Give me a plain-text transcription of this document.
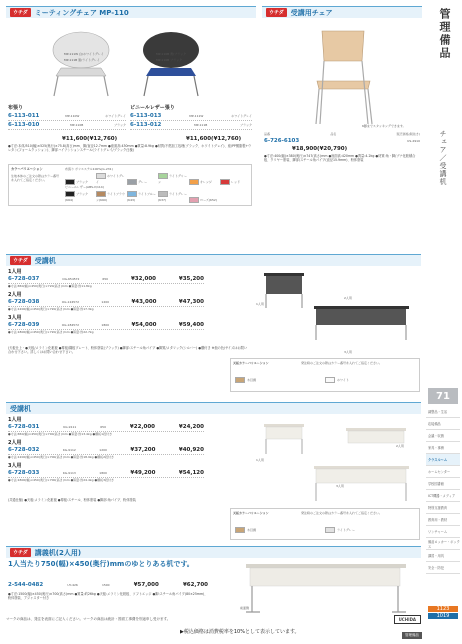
管理備品
チェア／受講机
71
調整品・生活
応接備品
会議・収納
家具・事務
クラスルーム
ホームセンター
学校図書館
ICT機器・メディア
特別支援教育
教育用・教材
ワンチャーム
備品ロッカー・ボックス
講習・用具
安全・防犯
1123
1019
ウチダ	ミーティングチェア MP-110
MP-111W 白/ホワイトグレイ
MP-111B 黒/ライトグレイ
MP-110B 青/ブラック
MP-110B ブラック
布張り	ビニールレザー張り
6-113-011	MP-110W	ホワイトグレイ
6-113-010	MP-110B	ブラック
6-113-013	MP-111W	ホワイトグレイ
6-113-012	MP-111B	ブラック
¥11,600(¥12,760)	¥11,600(¥12,760)
●寸法:本体/510(幅)×525(奥行)×75.8(高さ)mm、脚/直径12.7mm ●座面高:430mm ●質量:8.9kg ●材質/不燃加工処理(ブラック、ホワイトグレイ)、座/PP樹脂製+ウレタン(フォームクッション)、脚部ハイテンションスチール(ライトグレイ/ブラック仕様)
カラーバリエーション
生地本体のご注文の際はカラー番号を入れてご指定ください。
布張り ポリエステル100%(G-231)
ブラックホワイトグレイ	グレーライトグリーン	オレンジ	レッド
ビニールレザー(ABS-V/114)
ブラック(K64)ライトブラウン(K60)ライトブルー(K43)ライトグレー(K37)	ローズ(K52)
ウチダ	受講用チェア
6脚までスタッキングできます。
品番	品名	販売価格(税抜き)
6-726-6103	US-2910
¥18,900(¥20,790)
●寸法:400(幅)×380(奥行)×747(高さ)mm ●座面高:420mm ●質量:4.2kg ●材質:角・脚/ブナ化粧積合板、クリヤー塗装、脚部/スチール角パイプ(直径15.9mm)、粉体塗装
ウチダ	受講机
1人用
6-728-037	OG-654572	650	¥32,000	¥35,200
●寸法:650(幅)×450(奥行)×720(高さ)mm ●質量:約11.8kg
2人用
6-728-038	OG-124572	1200	¥43,000	¥47,300
●寸法:1200(幅)×450(奥行)×720(高さ)mm ●質量:約17.3kg
3人用
6-728-039	OG-184572	1800	¥54,000	¥59,400
●寸法:1800(幅)×450(奥行)×720(高さ)mm ●質量:約22.7kg
1人用
2人用
3人用
(天板仕上・●天板/メラミン化粧板 ●幕板/鋼板プレート、粉体塗装(ブラック) ●脚部:スチール角パイプ ●脚質/メタリック(シルバー) ●棚付き ※他の色/サイズはお問い合わせ下さい。詳しくはお問い合わせ下さい。
天板カラーバリエーション	発注時のご注文の際はカラー番号を入れてご指定ください。
木目調	ホワイト
受講机
1人用
6-728-031	KG-9111	650	¥22,000	¥24,200
●寸法:650(幅)×450(奥行)×700(高さ)mm ●質量:約13.4kg ●棚板1段付き
2人用
6-728-032	KG-9112	1200	¥37,200	¥40,920
●寸法:1200(幅)×450(奥行)×700(高さ)mm ●質量:約18.9kg ●棚板2段付き
3人用
6-728-033	KG-9113	1800	¥49,200	¥54,120
●寸法:1800(幅)×450(奥行)×700(高さ)mm ●質量:約24.4kg ●棚板3段付き
1人用
2人用
3人用
(共通仕様) ●天板:メラミン化粧板 ●幕板:スチール、粉体塗装 ●脚部:角パイプ、粉体塗装
天板カラーバリエーション	発注時のご注文の際はカラー番号を入れてご指定ください。
木目調	ライトグレー
ウチダ	講義机(2人用)
1人当たり750(幅)×450(奥行)mmのゆとりある机です。
2-544-0482	UY-426	1500	¥57,000	¥62,700
●寸法:1500(幅)×450(奥行)×700(高さ)mm ●質量:約26kg ●天板:メラミン化粧板、ソフトエッジ ●脚:スチール角パイプ(80×25mm)、粉体塗装、アジャスター付き
前面側
マークの商品は、発注を表面にご記入ください。マークの商品は統計・図面工事費を別途申し受けます。	UCHIDA
▶税込価格は消費税率を10%として表示しています。	管理備品
